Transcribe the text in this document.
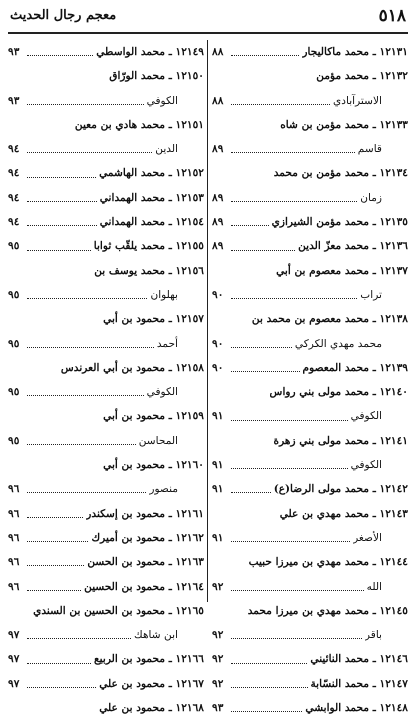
٥١٨
معجم رجال الحديث
١٢١٣١ ـ محمد ماكاليجار
٨٨
١٢١٣٢ ـ محمد مؤمن
الاسترآبادي
٨٨
١٢١٣٣ ـ محمد مؤمن بن شاه
قاسم
٨٩
١٢١٣٤ ـ محمد مؤمن بن محمد
زمان
٨٩
١٢١٣٥ ـ محمد مؤمن الشيرازي
٨٩
١٢١٣٦ ـ محمد معزّ الدين
٨٩
١٢١٣٧ ـ محمد معصوم بن أبي
تراب
٩٠
١٢١٣٨ ـ محمد معصوم بن محمد بن
محمد مهدي الكركي
٩٠
١٢١٣٩ ـ محمد المعصوم
٩٠
١٢١٤٠ ـ محمد مولى بني رواس
الكوفي
٩١
١٢١٤١ ـ محمد مولى بني زهرة
الكوفي
٩١
١٢١٤٢ ـ محمد مولى الرضا(ع)
٩١
١٢١٤٣ ـ محمد مهدي بن علي
الأصغر
٩١
١٢١٤٤ ـ محمد مهدي بن ميرزا حبيب
الله
٩٢
١٢١٤٥ ـ محمد مهدي بن ميرزا محمد
باقر
٩٢
١٢١٤٦ ـ محمد النائيني
٩٢
١٢١٤٧ ـ محمد النسّابة
٩٢
١٢١٤٨ ـ محمد الوابشي
٩٣
١٢١٤٩ ـ محمد الواسطي
٩٣
١٢١٥٠ ـ محمد الورّاق
الكوفي
٩٣
١٢١٥١ ـ محمد هادي بن معين
الدين
٩٤
١٢١٥٢ ـ محمد الهاشمي
٩٤
١٢١٥٣ ـ محمد الهمداني
٩٤
١٢١٥٤ ـ محمد الهمداني
٩٤
١٢١٥٥ ـ محمد يلقّب ثوابا
٩٥
١٢١٥٦ ـ محمد يوسف بن
بهلوان
٩٥
١٢١٥٧ ـ محمود بن أبي
أحمد
٩٥
١٢١٥٨ ـ محمود بن أبي العرندس
الكوفي
٩٥
١٢١٥٩ ـ محمود بن أبي
المحاسن
٩٥
١٢١٦٠ ـ محمود بن أبي
منصور
٩٦
١٢١٦١ ـ محمود بن إسكندر
٩٦
١٢١٦٢ ـ محمود بن أميرك
٩٦
١٢١٦٣ ـ محمود بن الحسن
٩٦
١٢١٦٤ ـ محمود بن الحسين
٩٦
١٢١٦٥ ـ محمود بن الحسين بن السندي
ابن شاهك
٩٧
١٢١٦٦ ـ محمود بن الربيع
٩٧
١٢١٦٧ ـ محمود بن علي
٩٧
١٢١٦٨ ـ محمود بن علي
